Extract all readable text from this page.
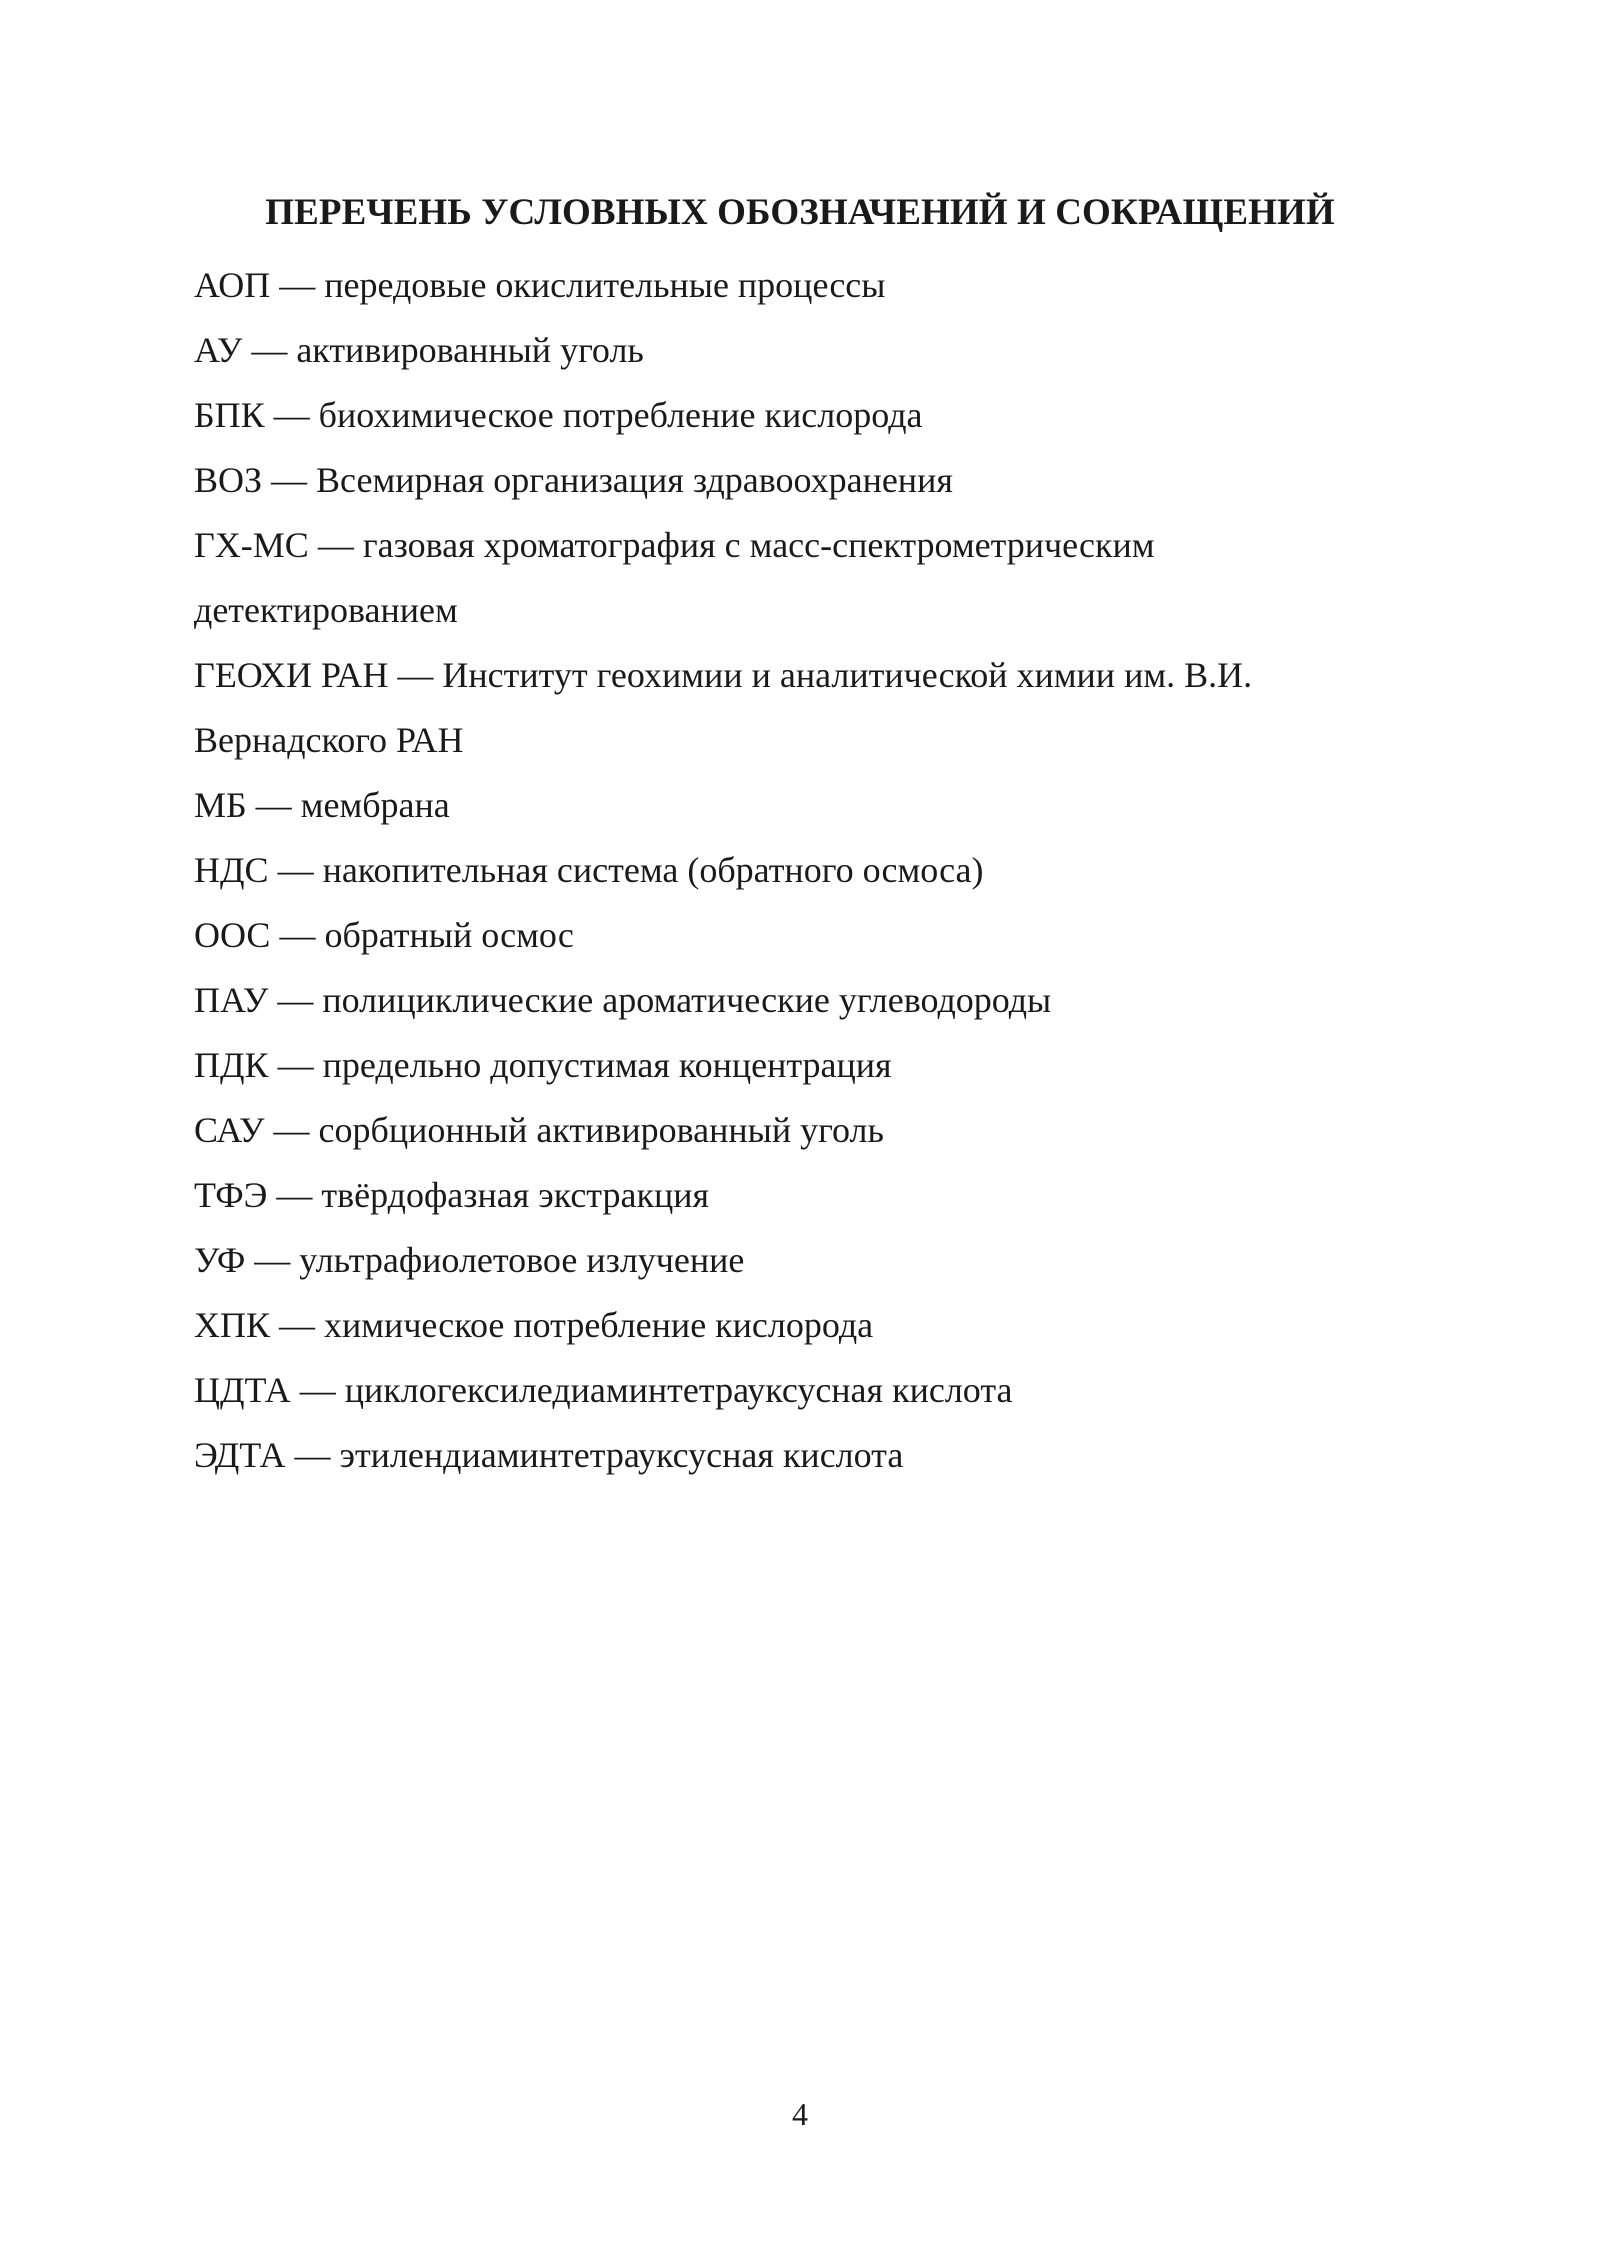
ПЕРЕЧЕНЬ УСЛОВНЫХ ОБОЗНАЧЕНИЙ И СОКРАЩЕНИЙ
АОП — передовые окислительные процессы
АУ — активированный уголь
БПК — биохимическое потребление кислорода
ВОЗ — Всемирная организация здравоохранения
ГХ-МС — газовая хроматография с масс-спектрометрическим
детектированием
ГЕОХИ РАН — Институт геохимии и аналитической химии им. В.И.
Вернадского РАН
МБ — мембрана
НДС — накопительная система (обратного осмоса)
ООС — обратный осмос
ПАУ — полициклические ароматические углеводороды
ПДК — предельно допустимая концентрация
САУ — сорбционный активированный уголь
ТФЭ — твёрдофазная экстракция
УФ — ультрафиолетовое излучение
ХПК — химическое потребление кислорода
ЦДТА — циклогексиледиаминтетрауксусная кислота
ЭДТА — этилендиаминтетрауксусная кислота
4
